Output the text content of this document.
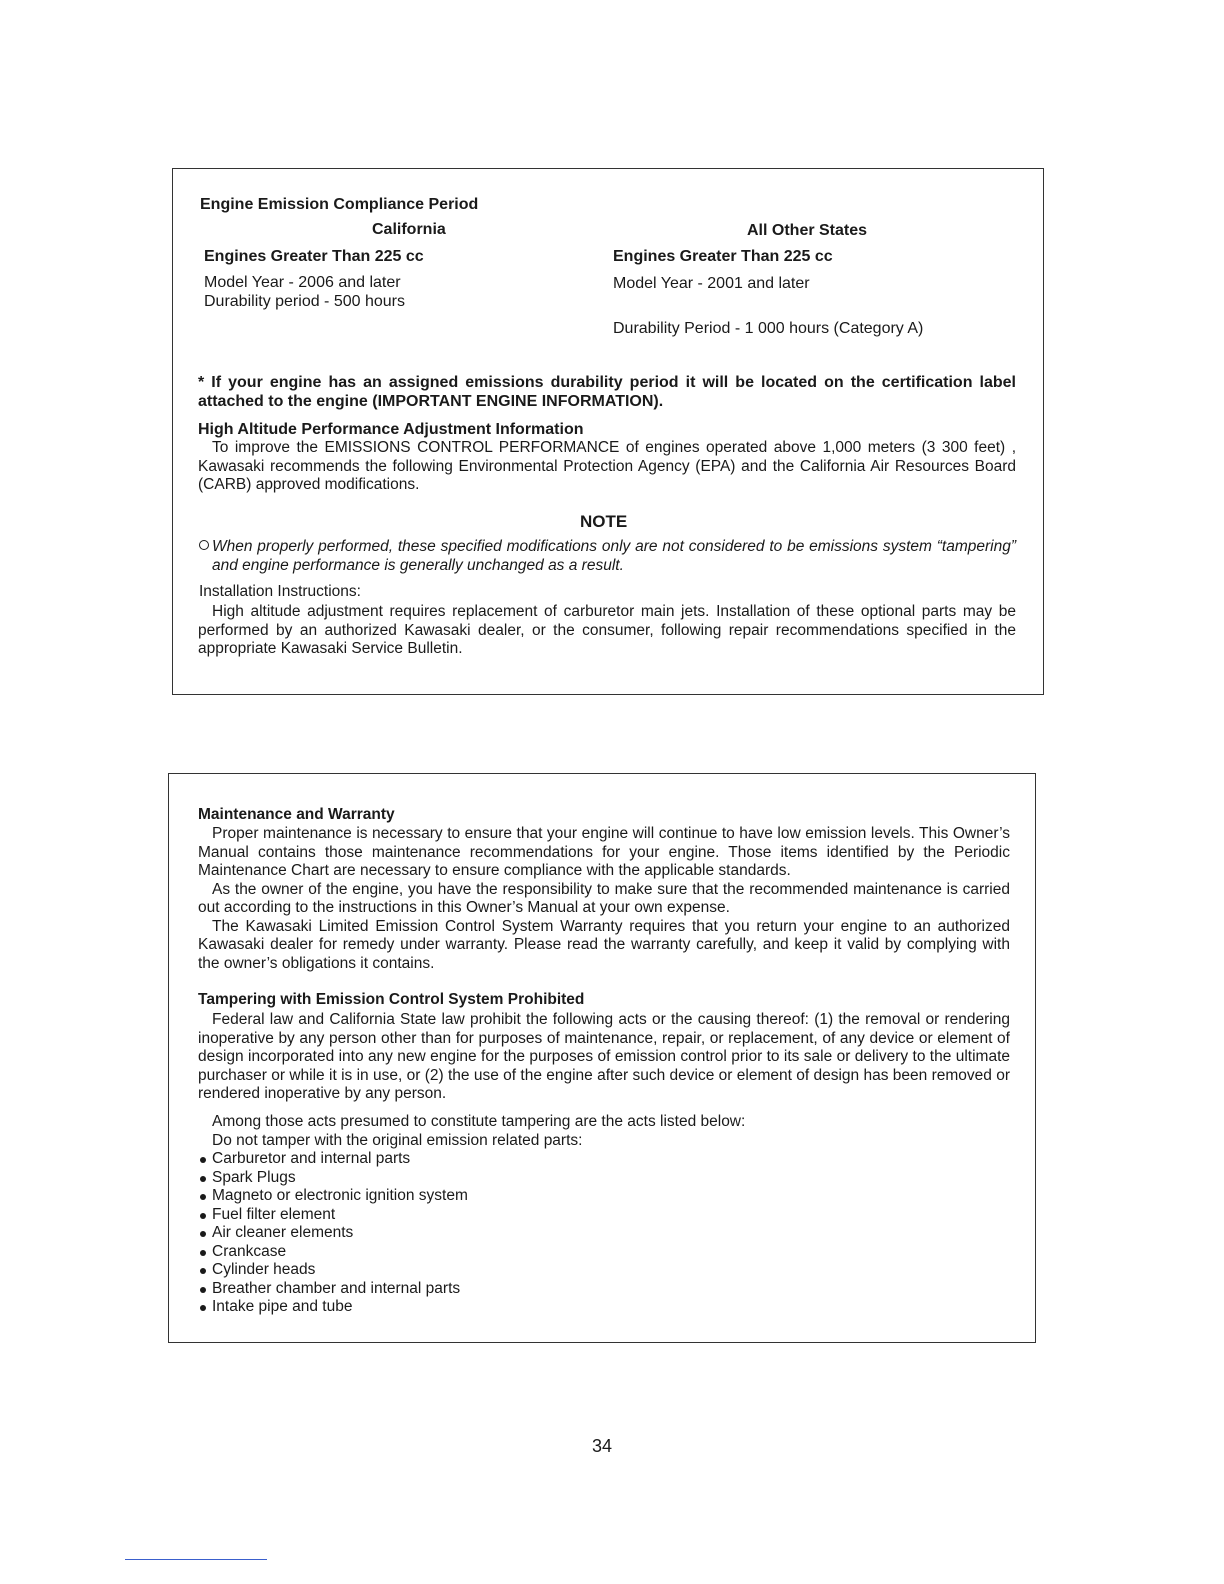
Engine Emission Compliance Period
California
Engines Greater Than 225 cc
Model Year - 2006 and later
Durability period - 500 hours
All Other States
Engines Greater Than 225 cc
Model Year - 2001 and later
Durability Period - 1 000 hours (Category A)
* If your engine has an assigned emissions durability period it will be located on the certification label attached to the engine (IMPORTANT ENGINE INFORMATION).
High Altitude Performance Adjustment Information
To improve the EMISSIONS CONTROL PERFORMANCE of engines operated above 1,000 meters (3 300 feet) , Kawasaki recommends the following Environmental Protection Agency (EPA) and the California Air Resources Board (CARB) approved modifications.
NOTE

When properly performed, these specified modifications only are not considered to be emissions system “tampering” and engine performance is generally unchanged as a result.

Installation Instructions:
High altitude adjustment requires replacement of carburetor main jets. Installation of these optional parts may be performed by an authorized Kawasaki dealer, or the consumer, following repair recommendations specified in the appropriate Kawasaki Service Bulletin.
Maintenance and Warranty

Proper maintenance is necessary to ensure that your engine will continue to have low emission levels. This Owner’s Manual contains those maintenance recommendations for your engine. Those items identified by the Periodic Maintenance Chart are necessary to ensure compliance with the applicable standards.

As the owner of the engine, you have the responsibility to make sure that the recommended maintenance is carried out according to the instructions in this Owner’s Manual at your own expense.

The Kawasaki Limited Emission Control System Warranty requires that you return your engine to an authorized Kawasaki dealer for remedy under warranty. Please read the warranty carefully, and keep it valid by complying with the owner’s obligations it contains.

Tampering with Emission Control System Prohibited
Federal law and California State law prohibit the following acts or the causing thereof: (1) the removal or rendering inoperative by any person other than for purposes of maintenance, repair, or replacement, of any device or element of design incorporated into any new engine for the purposes of emission control prior to its sale or delivery to the ultimate purchaser or while it is in use, or (2) the use of the engine after such device or element of design has been removed or rendered inoperative by any person.

Among those acts presumed to constitute tampering are the acts listed below:

Do not tamper with the original emission related parts:

Carburetor and internal parts
Spark Plugs
Magneto or electronic ignition system
Fuel filter element
Air cleaner elements
Crankcase
Cylinder heads
Breather chamber and internal parts
Intake pipe and tube
34
